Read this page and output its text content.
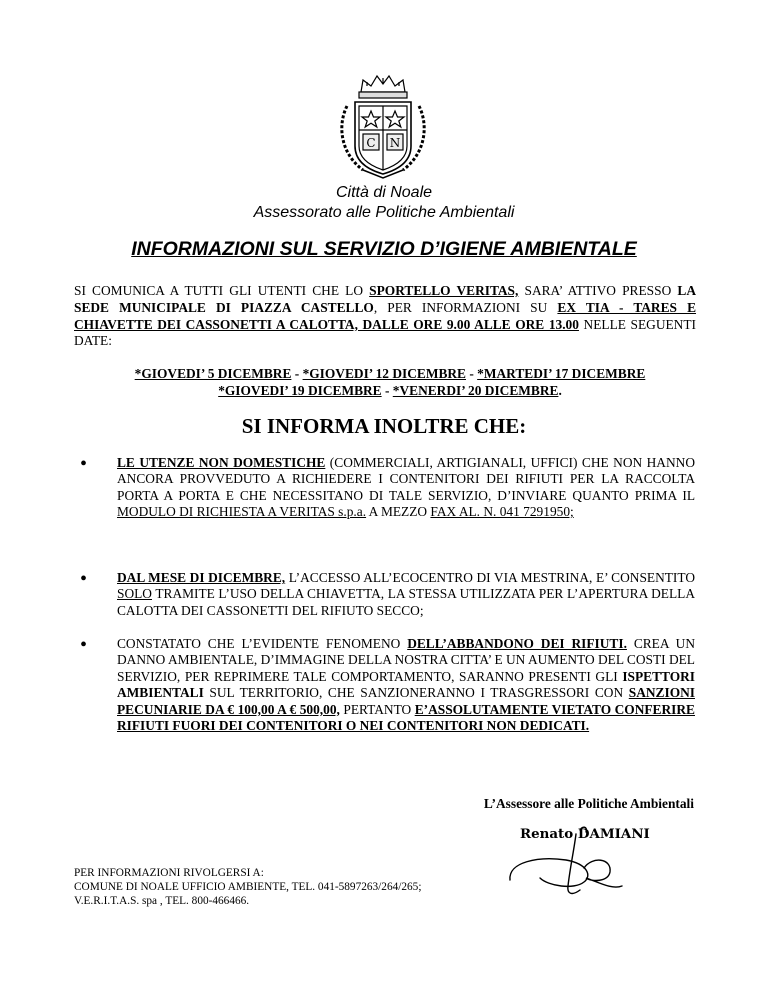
C N
Città di Noale
Assessorato alle Politiche Ambientali
INFORMAZIONI SUL SERVIZIO D’IGIENE AMBIENTALE
SI COMUNICA A TUTTI GLI UTENTI CHE LO SPORTELLO VERITAS, SARA’ ATTIVO PRESSO LA SEDE MUNICIPALE DI PIAZZA CASTELLO, PER INFORMAZIONI SU EX TIA - TARES E CHIAVETTE DEI CASSONETTI A CALOTTA, DALLE ORE 9.00 ALLE ORE 13.00 NELLE SEGUENTI DATE:
*GIOVEDI’ 5 DICEMBRE - *GIOVEDI’ 12 DICEMBRE - *MARTEDI’ 17 DICEMBRE
*GIOVEDI’ 19 DICEMBRE - *VENERDI’ 20 DICEMBRE.
SI INFORMA INOLTRE CHE:
• LE UTENZE NON DOMESTICHE (COMMERCIALI, ARTIGIANALI, UFFICI) CHE NON HANNO ANCORA PROVVEDUTO A RICHIEDERE I CONTENITORI DEI RIFIUTI PER LA RACCOLTA PORTA A PORTA E CHE NECESSITANO DI TALE SERVIZIO, D’INVIARE QUANTO PRIMA IL MODULO DI RICHIESTA A VERITAS s.p.a. A MEZZO FAX AL. N. 041 7291950;
• DAL MESE DI DICEMBRE, L’ACCESSO ALL’ECOCENTRO DI VIA MESTRINA, E’ CONSENTITO SOLO TRAMITE L’USO DELLA CHIAVETTA, LA STESSA UTILIZZATA PER L’APERTURA DELLA CALOTTA DEI CASSONETTI DEL RIFIUTO SECCO;
• CONSTATATO CHE L’EVIDENTE FENOMENO DELL’ABBANDONO DEI RIFIUTI. CREA UN DANNO AMBIENTALE, D’IMMAGINE DELLA NOSTRA CITTA’ E UN AUMENTO DEL COSTI DEL SERVIZIO, PER REPRIMERE TALE COMPORTAMENTO, SARANNO PRESENTI GLI ISPETTORI AMBIENTALI SUL TERRITORIO, CHE SANZIONERANNO I TRASGRESSORI CON SANZIONI PECUNIARIE DA € 100,00 A € 500,00, PERTANTO E’ASSOLUTAMENTE VIETATO CONFERIRE RIFIUTI FUORI DEI CONTENITORI O NEI CONTENITORI NON DEDICATI.
L’Assessore alle Politiche Ambientali
Renato DAMIANI
PER INFORMAZIONI RIVOLGERSI A:
COMUNE DI NOALE UFFICIO AMBIENTE, TEL. 041-5897263/264/265;
V.E.R.I.T.A.S. spa , TEL. 800-466466.
